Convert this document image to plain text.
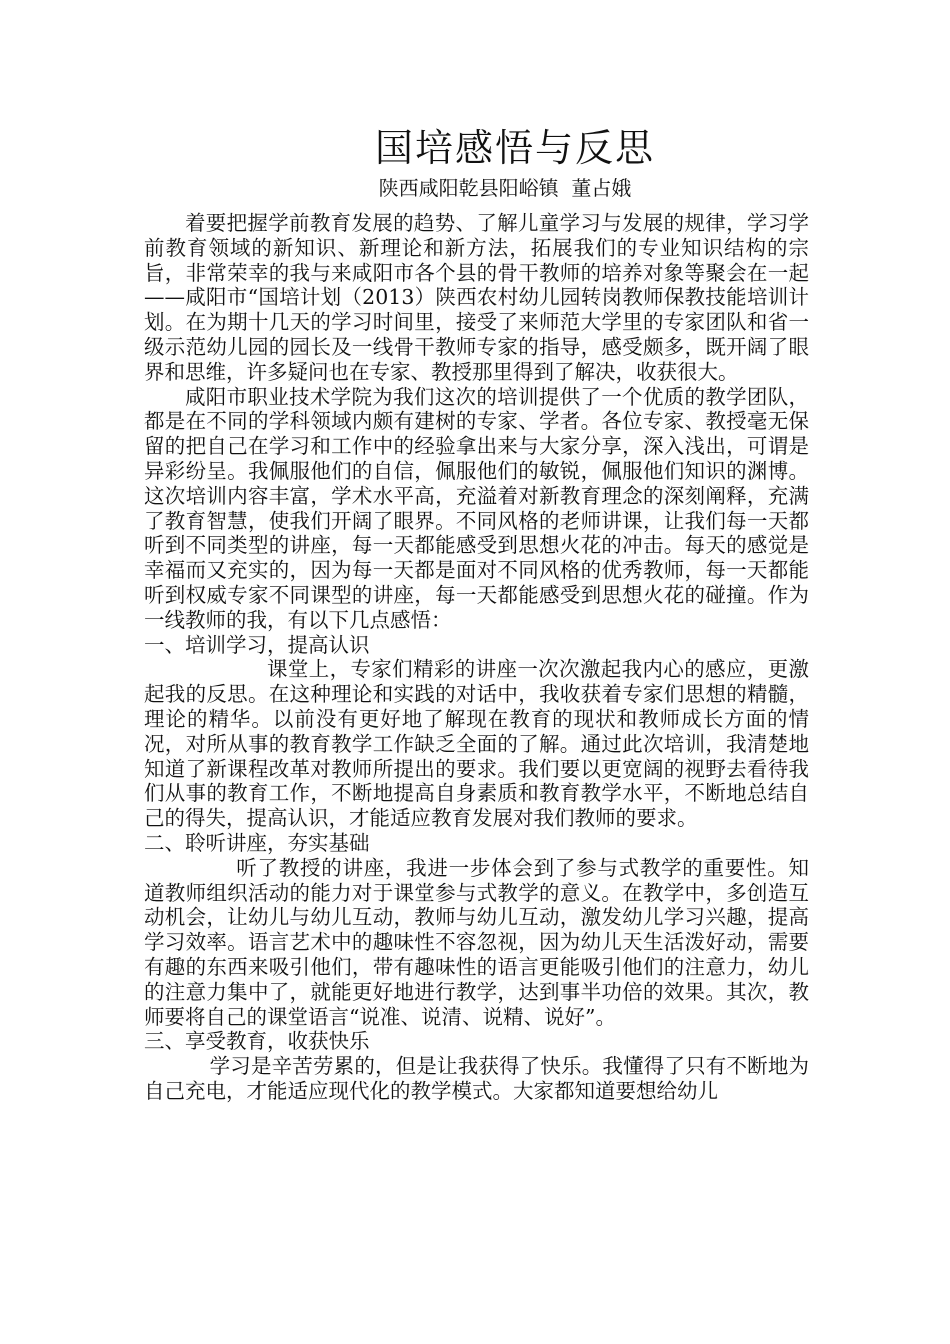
国培感悟与反思
陕西咸阳乾县阳峪镇  董占娥

着要把握学前教育发展的趋势、了解儿童学习与发展的规律，学习学前教育领域的新知识、新理论和新方法，拓展我们的专业知识结构的宗旨，非常荣幸的我与来咸阳市各个县的骨干教师的培养对象等聚会在一起——咸阳市“国培计划（2013）陕西农村幼儿园转岗教师保教技能培训计划。在为期十几天的学习时间里，接受了来师范大学里的专家团队和省一级示范幼儿园的园长及一线骨干教师专家的指导，感受颇多，既开阔了眼界和思维，许多疑问也在专家、教授那里得到了解决，收获很大。

咸阳市职业技术学院为我们这次的培训提供了一个优质的教学团队，都是在不同的学科领域内颇有建树的专家、学者。各位专家、教授毫无保留的把自己在学习和工作中的经验拿出来与大家分享，深入浅出，可谓是异彩纷呈。我佩服他们的自信，佩服他们的敏锐，佩服他们知识的渊博。这次培训内容丰富，学术水平高，充溢着对新教育理念的深刻阐释，充满了教育智慧，使我们开阔了眼界。不同风格的老师讲课，让我们每一天都听到不同类型的讲座，每一天都能感受到思想火花的冲击。每天的感觉是幸福而又充实的，因为每一天都是面对不同风格的优秀教师，每一天都能听到权威专家不同课型的讲座，每一天都能感受到思想火花的碰撞。作为一线教师的我，有以下几点感悟：

一、培训学习，提高认识

课堂上，专家们精彩的讲座一次次激起我内心的感应，更激起我的反思。在这种理论和实践的对话中，我收获着专家们思想的精髓，理论的精华。以前没有更好地了解现在教育的现状和教师成长方面的情况，对所从事的教育教学工作缺乏全面的了解。通过此次培训，我清楚地知道了新课程改革对教师所提出的要求。我们要以更宽阔的视野去看待我们从事的教育工作，不断地提高自身素质和教育教学水平，不断地总结自己的得失，提高认识，才能适应教育发展对我们教师的要求。

二、聆听讲座，夯实基础

听了教授的讲座，我进一步体会到了参与式教学的重要性。知道教师组织活动的能力对于课堂参与式教学的意义。在教学中，多创造互动机会，让幼儿与幼儿互动，教师与幼儿互动，激发幼儿学习兴趣，提高学习效率。语言艺术中的趣味性不容忽视，因为幼儿天生活泼好动，需要有趣的东西来吸引他们，带有趣味性的语言更能吸引他们的注意力，幼儿的注意力集中了，就能更好地进行教学，达到事半功倍的效果。其次，教师要将自己的课堂语言“说准、说清、说精、说好”。

三、享受教育，收获快乐

学习是辛苦劳累的，但是让我获得了快乐。我懂得了只有不断地为自己充电，才能适应现代化的教学模式。大家都知道要想给幼儿
